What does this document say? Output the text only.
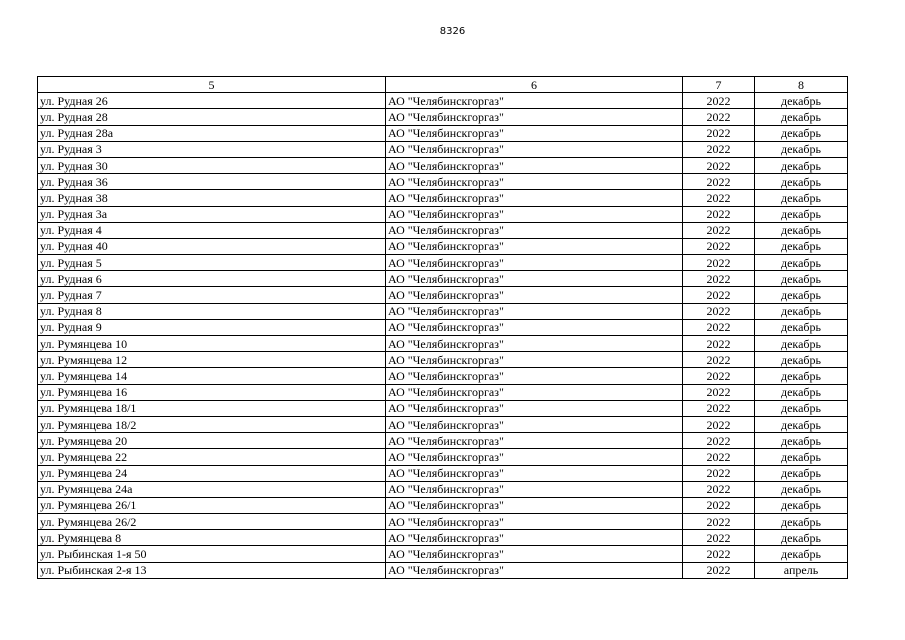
8326
5	6	7	8
ул. Рудная 26	АО "Челябинскгоргаз"	2022	декабрь
ул. Рудная 28	АО "Челябинскгоргаз"	2022	декабрь
ул. Рудная 28а	АО "Челябинскгоргаз"	2022	декабрь
ул. Рудная 3	АО "Челябинскгоргаз"	2022	декабрь
ул. Рудная 30	АО "Челябинскгоргаз"	2022	декабрь
ул. Рудная 36	АО "Челябинскгоргаз"	2022	декабрь
ул. Рудная 38	АО "Челябинскгоргаз"	2022	декабрь
ул. Рудная 3а	АО "Челябинскгоргаз"	2022	декабрь
ул. Рудная 4	АО "Челябинскгоргаз"	2022	декабрь
ул. Рудная 40	АО "Челябинскгоргаз"	2022	декабрь
ул. Рудная 5	АО "Челябинскгоргаз"	2022	декабрь
ул. Рудная 6	АО "Челябинскгоргаз"	2022	декабрь
ул. Рудная 7	АО "Челябинскгоргаз"	2022	декабрь
ул. Рудная 8	АО "Челябинскгоргаз"	2022	декабрь
ул. Рудная 9	АО "Челябинскгоргаз"	2022	декабрь
ул. Румянцева 10	АО "Челябинскгоргаз"	2022	декабрь
ул. Румянцева 12	АО "Челябинскгоргаз"	2022	декабрь
ул. Румянцева 14	АО "Челябинскгоргаз"	2022	декабрь
ул. Румянцева 16	АО "Челябинскгоргаз"	2022	декабрь
ул. Румянцева 18/1	АО "Челябинскгоргаз"	2022	декабрь
ул. Румянцева 18/2	АО "Челябинскгоргаз"	2022	декабрь
ул. Румянцева 20	АО "Челябинскгоргаз"	2022	декабрь
ул. Румянцева 22	АО "Челябинскгоргаз"	2022	декабрь
ул. Румянцева 24	АО "Челябинскгоргаз"	2022	декабрь
ул. Румянцева 24а	АО "Челябинскгоргаз"	2022	декабрь
ул. Румянцева 26/1	АО "Челябинскгоргаз"	2022	декабрь
ул. Румянцева 26/2	АО "Челябинскгоргаз"	2022	декабрь
ул. Румянцева 8	АО "Челябинскгоргаз"	2022	декабрь
ул. Рыбинская 1-я 50	АО "Челябинскгоргаз"	2022	декабрь
ул. Рыбинская 2-я 13	АО "Челябинскгоргаз"	2022	апрель
